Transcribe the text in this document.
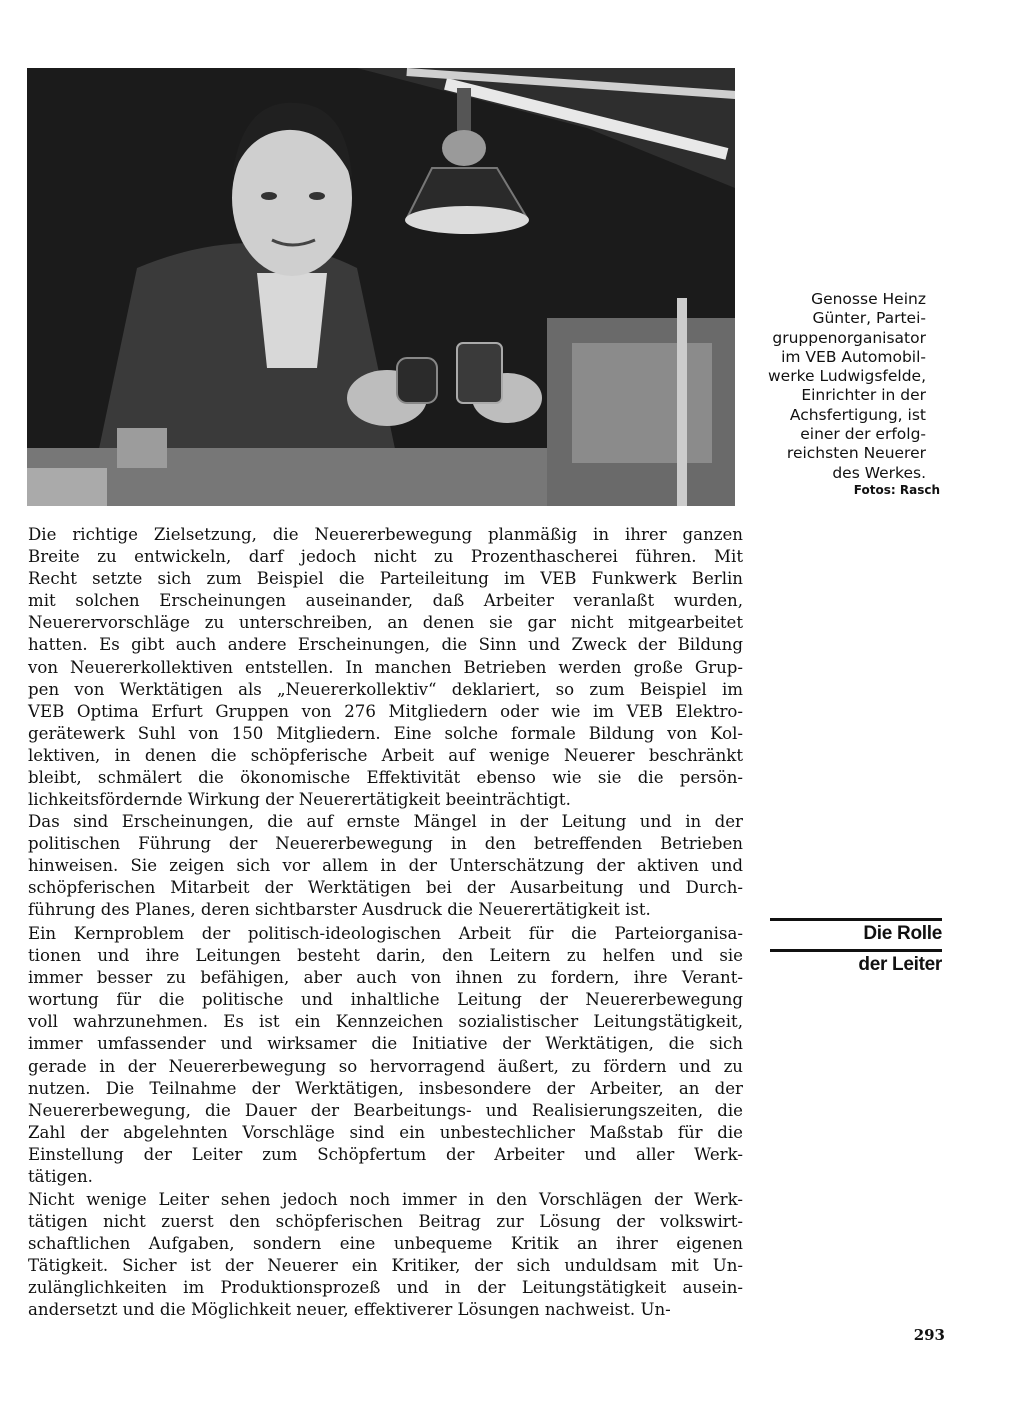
Genosse Heinz
Günter, Partei-
gruppenorganisator
im VEB Automobil-
werke Ludwigsfelde,
Einrichter in der
Achsfertigung, ist
einer der erfolg-
reichsten Neuerer
des Werkes.
Fotos: Rasch
Die richtige Zielsetzung, die Neuererbewegung planmäßig in ihrer ganzen
Breite zu entwickeln, darf jedoch nicht zu Prozenthascherei führen. Mit
Recht setzte sich zum Beispiel die Parteileitung im VEB Funkwerk Berlin
mit solchen Erscheinungen auseinander, daß Arbeiter veranlaßt wurden,
Neuerervorschläge zu unterschreiben, an denen sie gar nicht mitgearbeitet
hatten. Es gibt auch andere Erscheinungen, die Sinn und Zweck der Bildung
von Neuererkollektiven entstellen. In manchen Betrieben werden große Grup-
pen von Werktätigen als „Neuererkollektiv“ deklariert, so zum Beispiel im
VEB Optima Erfurt Gruppen von 276 Mitgliedern oder wie im VEB Elektro-
gerätewerk Suhl von 150 Mitgliedern. Eine solche formale Bildung von Kol-
lektiven, in denen die schöpferische Arbeit auf wenige Neuerer beschränkt
bleibt, schmälert die ökonomische Effektivität ebenso wie sie die persön-
lichkeitsfördernde Wirkung der Neuerertätigkeit beeinträchtigt.
Das sind Erscheinungen, die auf ernste Mängel in der Leitung und in der
politischen Führung der Neuererbewegung in den betreffenden Betrieben
hinweisen. Sie zeigen sich vor allem in der Unterschätzung der aktiven und
schöpferischen Mitarbeit der Werktätigen bei der Ausarbeitung und Durch-
führung des Planes, deren sichtbarster Ausdruck die Neuerertätigkeit ist.
Ein Kernproblem der politisch-ideologischen Arbeit für die Parteiorganisa-
tionen und ihre Leitungen besteht darin, den Leitern zu helfen und sie
immer besser zu befähigen, aber auch von ihnen zu fordern, ihre Verant-
wortung für die politische und inhaltliche Leitung der Neuererbewegung
voll wahrzunehmen. Es ist ein Kennzeichen sozialistischer Leitungstätigkeit,
immer umfassender und wirksamer die Initiative der Werktätigen, die sich
gerade in der Neuererbewegung so hervorragend äußert, zu fördern und zu
nutzen. Die Teilnahme der Werktätigen, insbesondere der Arbeiter, an der
Neuererbewegung, die Dauer der Bearbeitungs- und Realisierungszeiten, die
Zahl der abgelehnten Vorschläge sind ein unbestechlicher Maßstab für die
Einstellung der Leiter zum Schöpfertum der Arbeiter und aller Werk-
tätigen.
Nicht wenige Leiter sehen jedoch noch immer in den Vorschlägen der Werk-
tätigen nicht zuerst den schöpferischen Beitrag zur Lösung der volkswirt-
schaftlichen Aufgaben, sondern eine unbequeme Kritik an ihrer eigenen
Tätigkeit. Sicher ist der Neuerer ein Kritiker, der sich unduldsam mit Un-
zulänglichkeiten im Produktionsprozeß und in der Leitungstätigkeit ausein-
andersetzt und die Möglichkeit neuer, effektiverer Lösungen nachweist. Un-
Die Rolle
der Leiter
293
